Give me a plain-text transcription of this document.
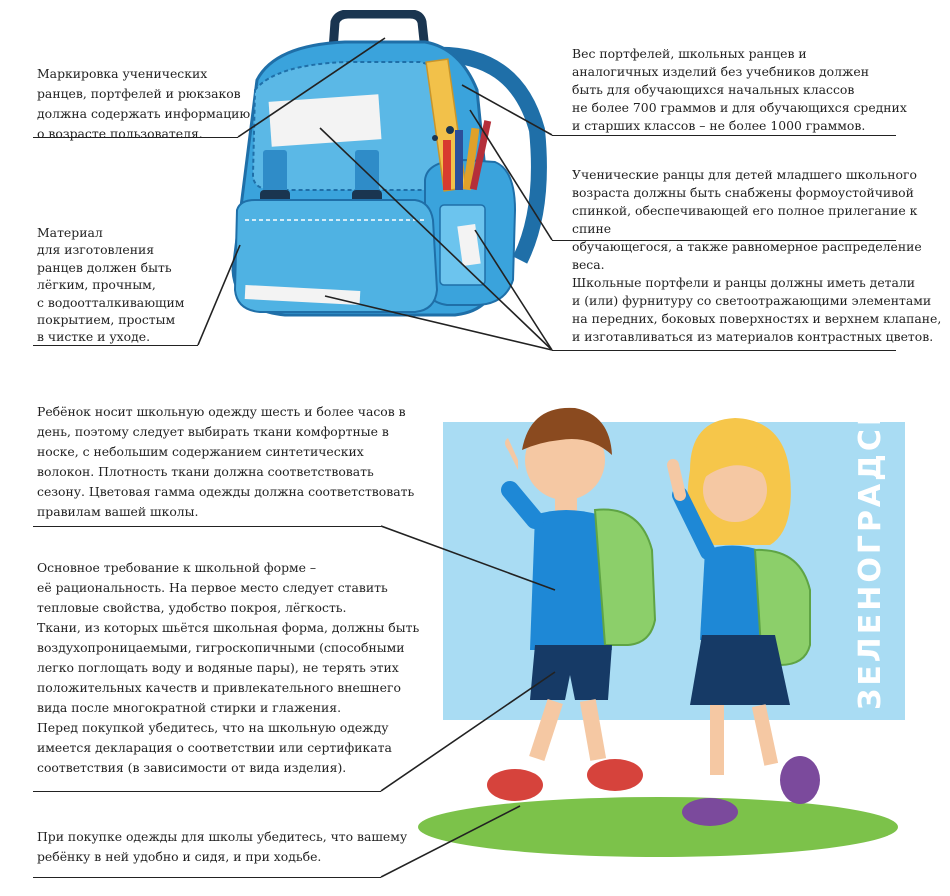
Маркировка ученических
ранцев, портфелей и рюкзаков
должна содержать информацию
о возрасте пользователя.

Материал
для изготовления
ранцев должен быть
лёгким, прочным,
с водоотталкивающим
покрытием, простым
в чистке и уходе.

Вес портфелей, школьных ранцев и
аналогичных изделий без учебников должен
быть для обучающихся начальных классов
не более 700 граммов и для обучающихся средних
и старших классов – не более 1000 граммов.

Ученические ранцы для детей младшего школьного
возраста должны быть снабжены формоустойчивой
спинкой, обеспечивающей его полное прилегание к спине
обучающегося, а также равномерное распределение веса.

Школьные портфели и ранцы должны иметь детали
и (или) фурнитуру со светоотражающими элементами
на передних, боковых поверхностях и верхнем клапане,
и изготавливаться из материалов контрастных цветов.

Ребёнок носит школьную одежду шесть и более часов в
день, поэтому следует выбирать ткани комфортные в
носке, с небольшим содержанием синтетических
волокон. Плотность ткани должна соответствовать
сезону. Цветовая гамма одежды должна соответствовать
правилам вашей школы.

Основное требование к школьной форме –
её рациональность. На первое место следует ставить
тепловые свойства, удобство покроя, лёгкость.
Ткани, из которых шьётся школьная форма, должны быть
воздухопроницаемыми, гигроскопичными (способными
легко поглощать воду и водяные пары), не терять этих
положительных качеств и привлекательного внешнего
вида после многократной стирки и глажения.
Перед покупкой убедитесь, что на школьную одежду
имеется декларация о соответствии или сертификата
соответствия (в зависимости от вида изделия).

При покупке одежды для школы убедитесь, что вашему
ребёнку в ней удобно и сидя, и при ходьбе.

ЗЕЛЕНОГРАДСК
